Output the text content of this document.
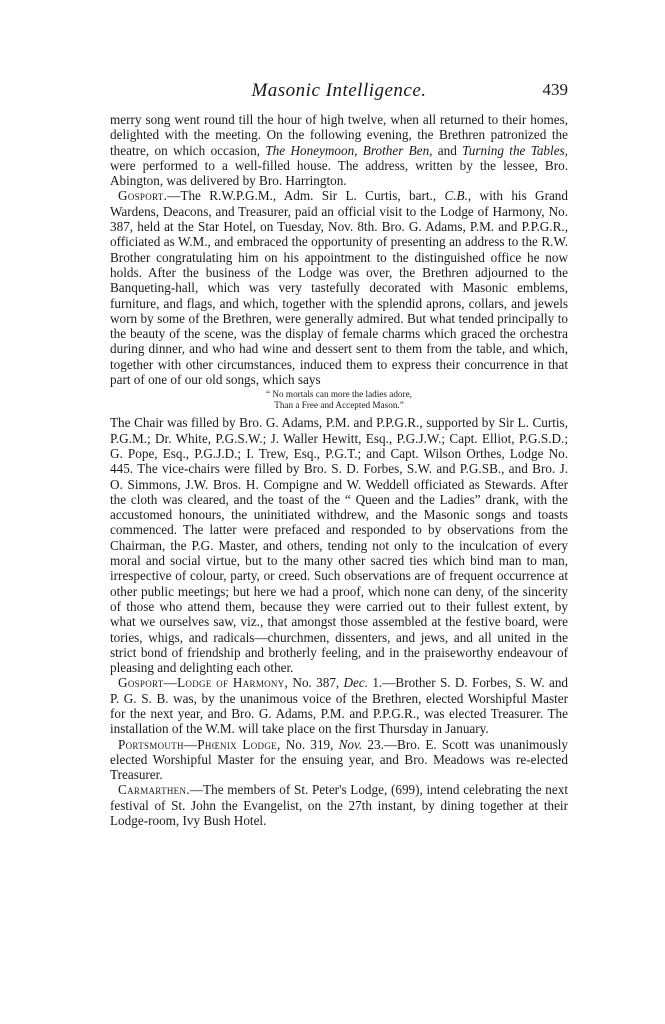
Masonic Intelligence.	439

merry song went round till the hour of high twelve, when all returned to their homes, delighted with the meeting. On the following evening, the Brethren patronized the theatre, on which occasion, The Honeymoon, Brother Ben, and Turning the Tables, were performed to a well-filled house. The address, written by the lessee, Bro. Abington, was delivered by Bro. Harrington.

Gosport.—The R.W.P.G.M., Adm. Sir L. Curtis, bart., C.B., with his Grand Wardens, Deacons, and Treasurer, paid an official visit to the Lodge of Harmony, No. 387, held at the Star Hotel, on Tuesday, Nov. 8th. Bro. G. Adams, P.M. and P.P.G.R., officiated as W.M., and embraced the opportunity of presenting an address to the R.W. Brother congratulating him on his appointment to the distinguished office he now holds. After the business of the Lodge was over, the Brethren adjourned to the Banqueting-hall, which was very tastefully decorated with Masonic emblems, furniture, and flags, and which, together with the splendid aprons, collars, and jewels worn by some of the Brethren, were generally admired. But what tended principally to the beauty of the scene, was the display of female charms which graced the orchestra during dinner, and who had wine and dessert sent to them from the table, and which, together with other circumstances, induced them to express their concurrence in that part of one of our old songs, which says

“ No mortals can more the ladies adore,
Than a Free and Accepted Mason.”

The Chair was filled by Bro. G. Adams, P.M. and P.P.G.R., supported by Sir L. Curtis, P.G.M.; Dr. White, P.G.S.W.; J. Waller Hewitt, Esq., P.G.J.W.; Capt. Elliot, P.G.S.D.; G. Pope, Esq., P.G.J.D.; I. Trew, Esq., P.G.T.; and Capt. Wilson Orthes, Lodge No. 445. The vice-chairs were filled by Bro. S. D. Forbes, S.W. and P.G.SB., and Bro. J. O. Simmons, J.W. Bros. H. Compigne and W. Weddell officiated as Stewards. After the cloth was cleared, and the toast of the “ Queen and the Ladies” drank, with the accustomed honours, the uninitiated withdrew, and the Masonic songs and toasts commenced. The latter were prefaced and responded to by observations from the Chairman, the P.G. Master, and others, tending not only to the inculcation of every moral and social virtue, but to the many other sacred ties which bind man to man, irrespective of colour, party, or creed. Such observations are of frequent occurrence at other public meetings; but here we had a proof, which none can deny, of the sincerity of those who attend them, because they were carried out to their fullest extent, by what we ourselves saw, viz., that amongst those assembled at the festive board, were tories, whigs, and radicals—churchmen, dissenters, and jews, and all united in the strict bond of friendship and brotherly feeling, and in the praiseworthy endeavour of pleasing and delighting each other.

Gosport—Lodge of Harmony, No. 387, Dec. 1.—Brother S. D. Forbes, S. W. and P. G. S. B. was, by the unanimous voice of the Brethren, elected Worshipful Master for the next year, and Bro. G. Adams, P.M. and P.P.G.R., was elected Treasurer. The installation of the W.M. will take place on the first Thursday in January.

Portsmouth—Phœnix Lodge, No. 319, Nov. 23.—Bro. E. Scott was unanimously elected Worshipful Master for the ensuing year, and Bro. Meadows was re-elected Treasurer.

Carmarthen.—The members of St. Peter's Lodge, (699), intend celebrating the next festival of St. John the Evangelist, on the 27th instant, by dining together at their Lodge-room, Ivy Bush Hotel.
